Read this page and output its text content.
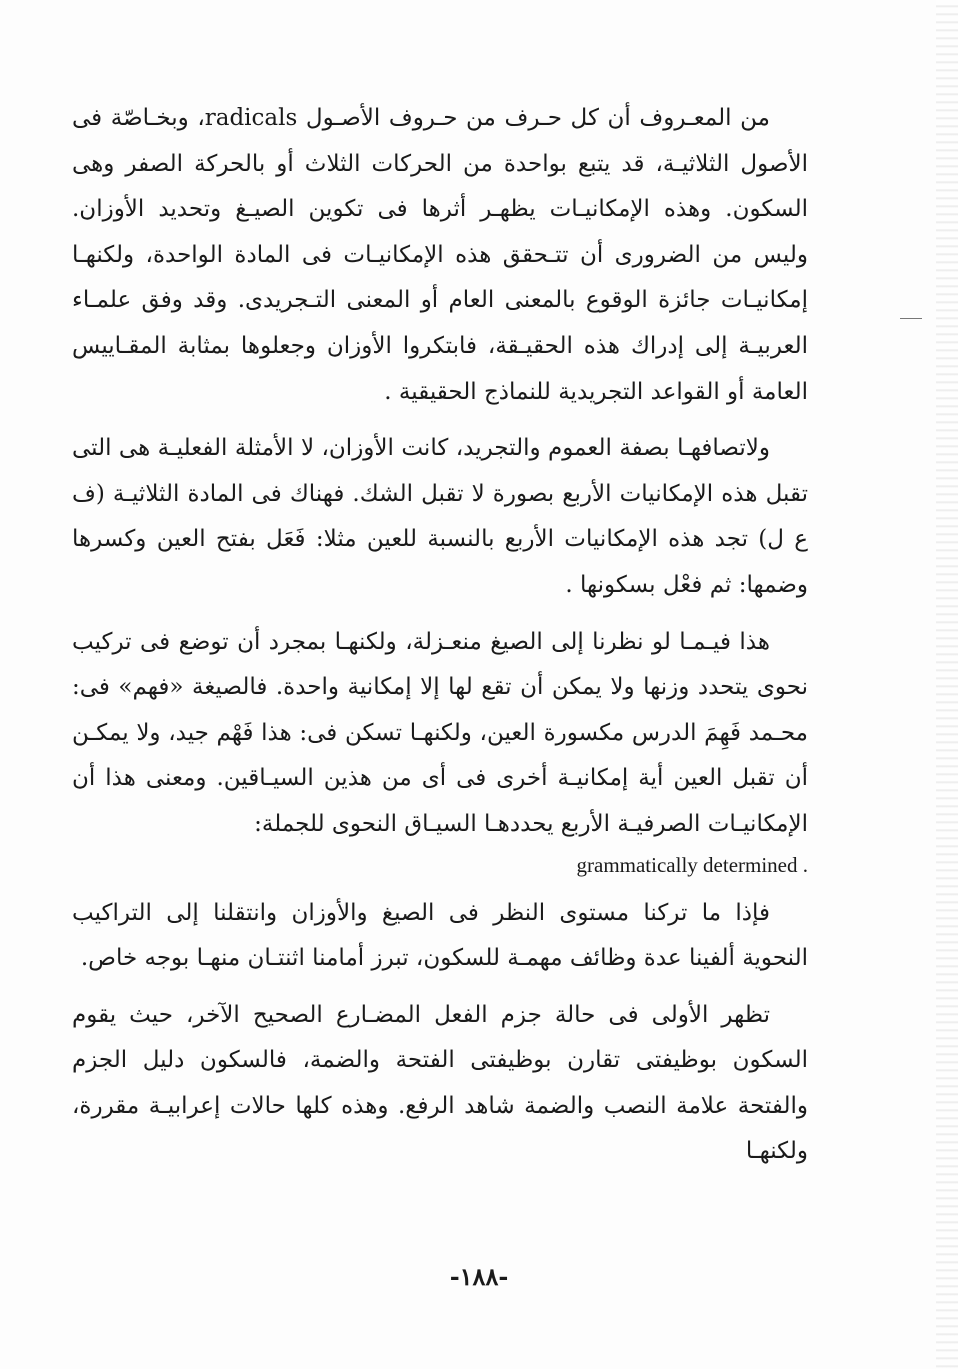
من المعـروف أن كل حـرف من حـروف الأصـول radicals، وبخـاصّة فى الأصول الثلاثيـة، قد يتبع بواحدة من الحركات الثلاث أو بالحركة الصفر وهى السكون. وهذه الإمكانيـات يظهـر أثرها فى تكوين الصيـغ وتحديد الأوزان. وليس من الضرورى أن تتـحقق هذه الإمكانيـات فى المادة الواحدة، ولكنهـا إمكانيـات جائزة الوقوع بالمعنى العام أو المعنى التـجريدى. وقد وفق علمـاء العربيـة إلى إدراك هذه الحقيـقة، فابتكروا الأوزان وجعلوها بمثابة المقـاييس العامة أو القواعد التجريدية للنماذج الحقيقية .

ولاتصافهـا بصفة العموم والتجريد، كانت الأوزان، لا الأمثلة الفعليـة هى التى تقبل هذه الإمكانيات الأربع بصورة لا تقبل الشك. فهناك فى المادة الثلاثيـة (ف ع ل) تجد هذه الإمكانيات الأربع بالنسبة للعين مثلا: فَعَل بفتح العين وكسرها وضمها: ثم فعْل بسكونها .

هذا فيـمـا لو نظرنا إلى الصيغ منعـزلة، ولكنهـا بمجرد أن توضع فى تركيب نحوى يتحدد وزنها ولا يمكن أن تقع لها إلا إمكانية واحدة. فالصيغة «فهم» فى: محـمد فَهِمَ الدرس مكسورة العين، ولكنهـا تسكن فى: هذا فَهْم جيد، ولا يمكـن أن تقبل العين أية إمكانيـة أخرى فى أى من هذين السيـاقين. ومعنى هذا أن الإمكانيـات الصرفيـة الأربع يحددهـا السيـاق النحوى للجملة:
grammatically determined .

فإذا ما تركنا مستوى النظر فى الصيغ والأوزان وانتقلنا إلى التراكيب النحوية ألفينا عدة وظائف مهمـة للسكون، تبرز أمامنا اثنتـان منهـا بوجه خاص.

تظهر الأولى فى حالة جزم الفعل المضـارع الصحيح الآخر، حيث يقوم السكون بوظيفتى تقارن بوظيفتى الفتحة والضمة، فالسكون دليل الجزم والفتحة علامة النصب والضمة شاهد الرفع. وهذه كلها حالات إعرابيـة مقررة، ولكنهـا

-١٨٨-
